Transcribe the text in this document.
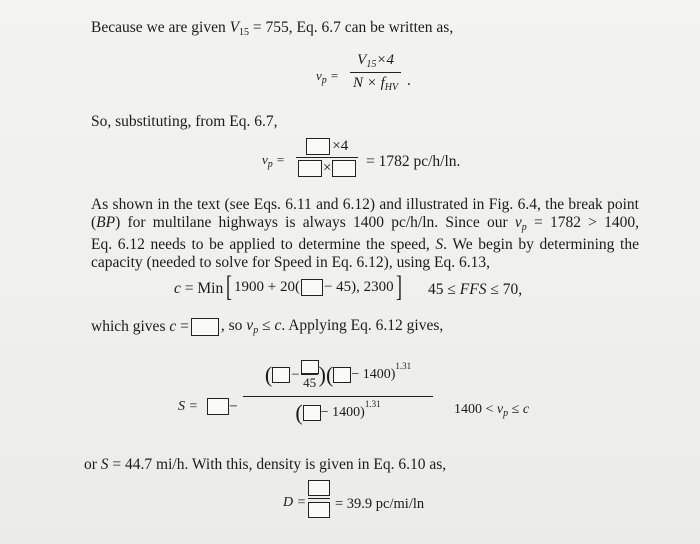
Because we are given $V_{15} = 755$, Eq. 6.7 can be written as,
$v_p$ =
$V_{15}\times 4$
$N \times f_{HV}$ .
So, substituting, from Eq. 6.7,
$v_p$ =
×4
× = 1782 pc/h/ln.
As shown in the text (see Eqs. 6.11 and 6.12) and illustrated in Fig. 6.4, the break point
(BP) for multilane highways is always 1400 pc/h/ln. Since our $v_p = 1782 > 1400$,
Eq. 6.12 needs to be applied to determine the speed, S. We begin by determining the
capacity (needed to solve for Speed in Eq. 6.12), using Eq. 6.13,
c = Min [ 1900 + 20( − 45), 2300 ] 45 ≤ FFS ≤ 70,
which gives c = , so $v_p \le c$. Applying Eq. 6.12 gives,
S = −
( − 45 )( − 1400)
1.31
( − 1400)
1.31	$1400 < v_p \le c$
or S = 44.7 mi/h. With this, density is given in Eq. 6.10 as,
D = = 39.9 pc/mi/ln
